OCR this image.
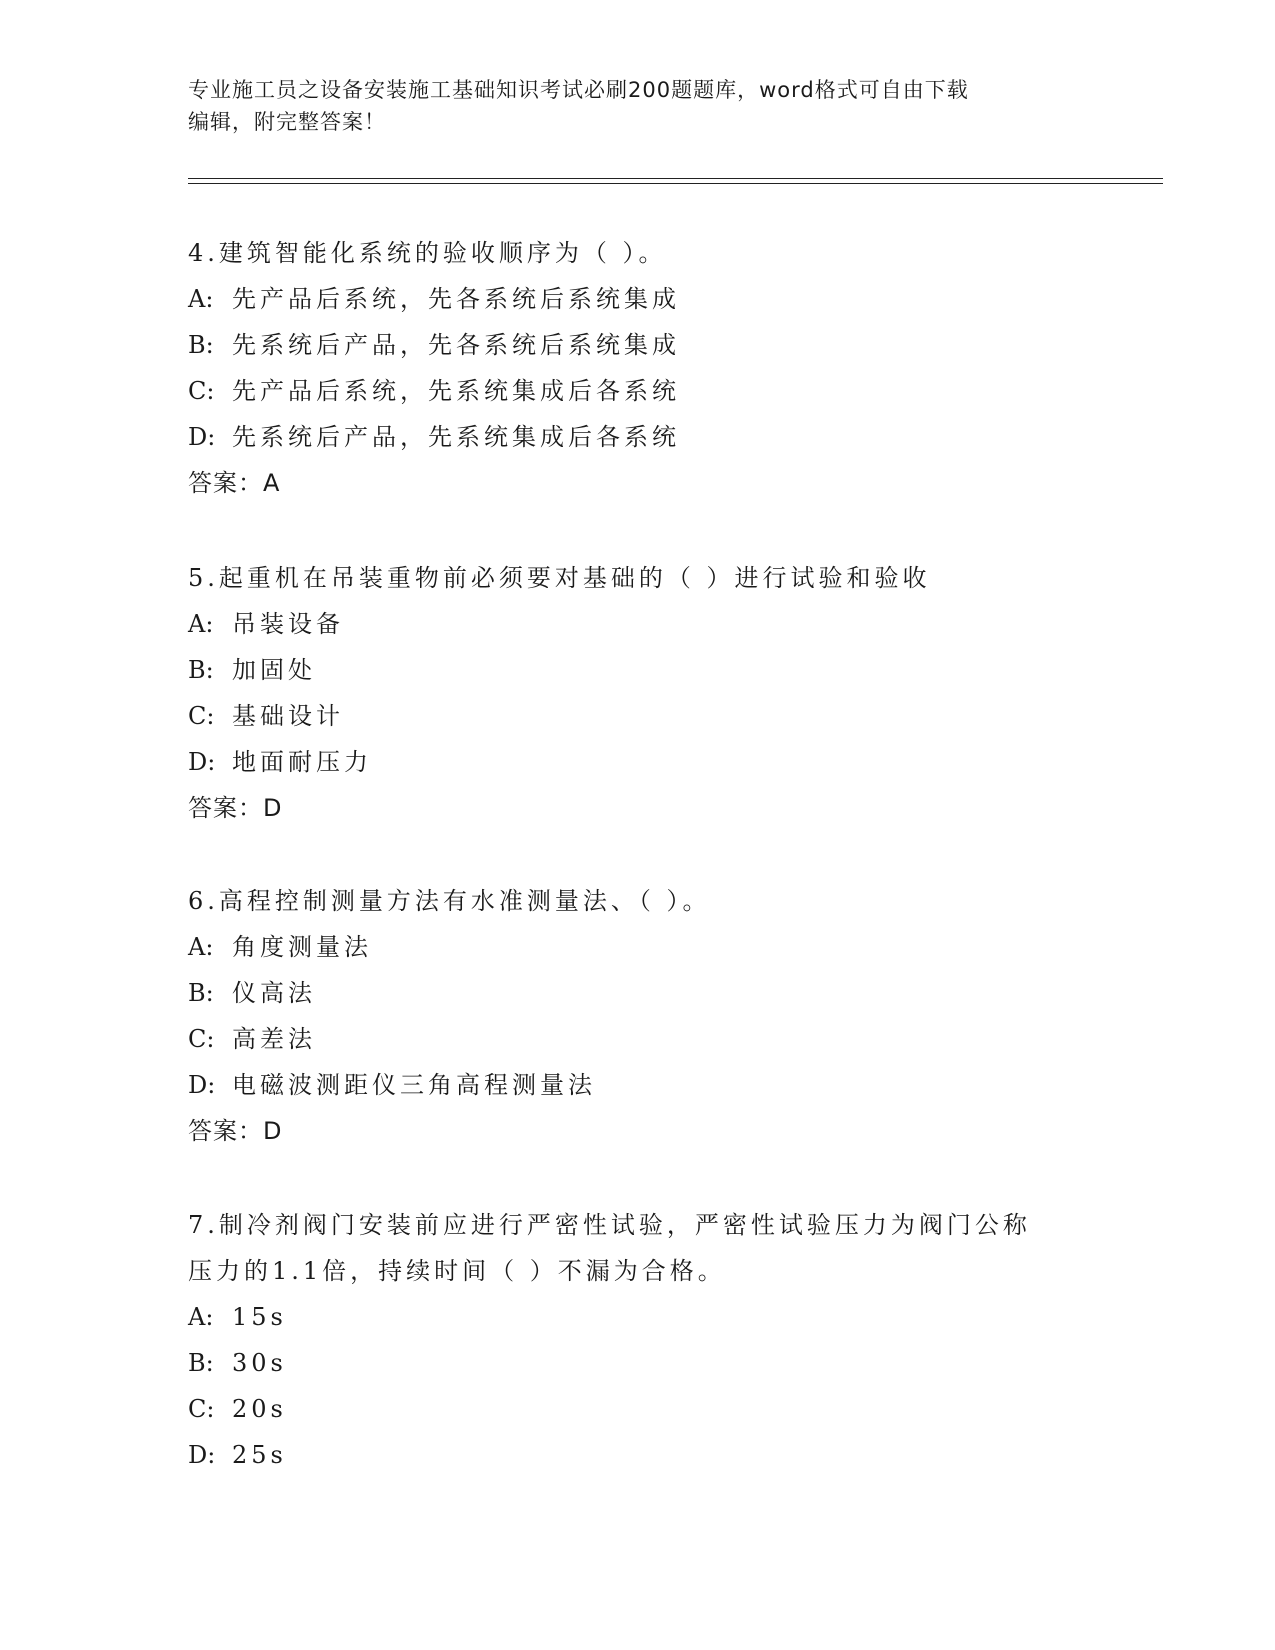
专业施工员之设备安装施工基础知识考试必刷200题题库，word格式可自由下载
编辑，附完整答案！
4.建筑智能化系统的验收顺序为（ ）。
A: 先产品后系统，先各系统后系统集成
B: 先系统后产品，先各系统后系统集成
C: 先产品后系统，先系统集成后各系统
D: 先系统后产品，先系统集成后各系统
答案：A
5.起重机在吊装重物前必须要对基础的（ ）进行试验和验收
A: 吊装设备
B: 加固处
C: 基础设计
D: 地面耐压力
答案：D
6.高程控制测量方法有水准测量法、（ ）。
A: 角度测量法
B: 仪高法
C: 高差法
D: 电磁波测距仪三角高程测量法
答案：D
7.制冷剂阀门安装前应进行严密性试验，严密性试验压力为阀门公称
压力的1.1倍，持续时间（ ）不漏为合格。
A: 15s
B: 30s
C: 20s
D: 25s
